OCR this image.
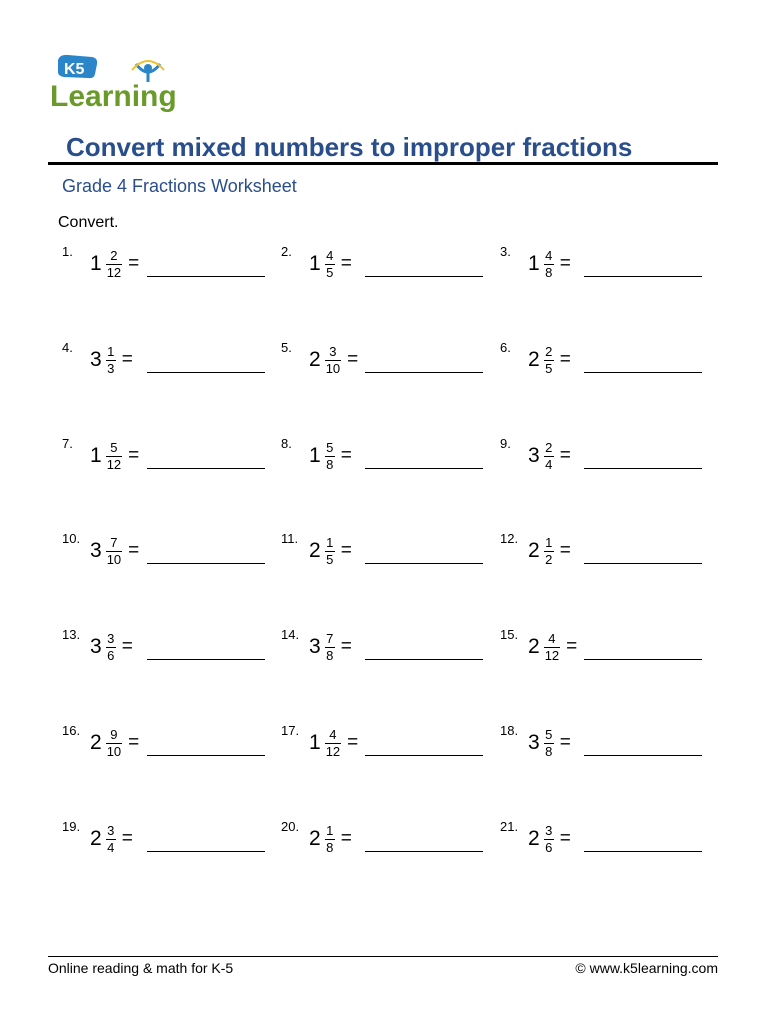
K5
Learning
Convert mixed numbers to improper fractions
Grade 4 Fractions Worksheet
Convert.
1.
$1 \frac{2}{12}$ =
2.
$1 \frac{4}{5}$ =
3.
$1 \frac{4}{8}$ =
4.
$3 \frac{1}{3}$ =
5.
$2 \frac{3}{10}$ =
6.
$2 \frac{2}{5}$ =
7.
$1 \frac{5}{12}$ =
8.
$1 \frac{5}{8}$ =
9.
$3 \frac{2}{4}$ =
10.
$3 \frac{7}{10}$ =
11.
$2 \frac{1}{5}$ =
12.
$2 \frac{1}{2}$ =
13.
$3 \frac{3}{6}$ =
14.
$3 \frac{7}{8}$ =
15.
$2 \frac{4}{12}$ =
16.
$2 \frac{9}{10}$ =
17.
$1 \frac{4}{12}$ =
18.
$3 \frac{5}{8}$ =
19.
$2 \frac{3}{4}$ =
20.
$2 \frac{1}{8}$ =
21.
$2 \frac{3}{6}$ =
Online reading & math for K-5	© www.k5learning.com
